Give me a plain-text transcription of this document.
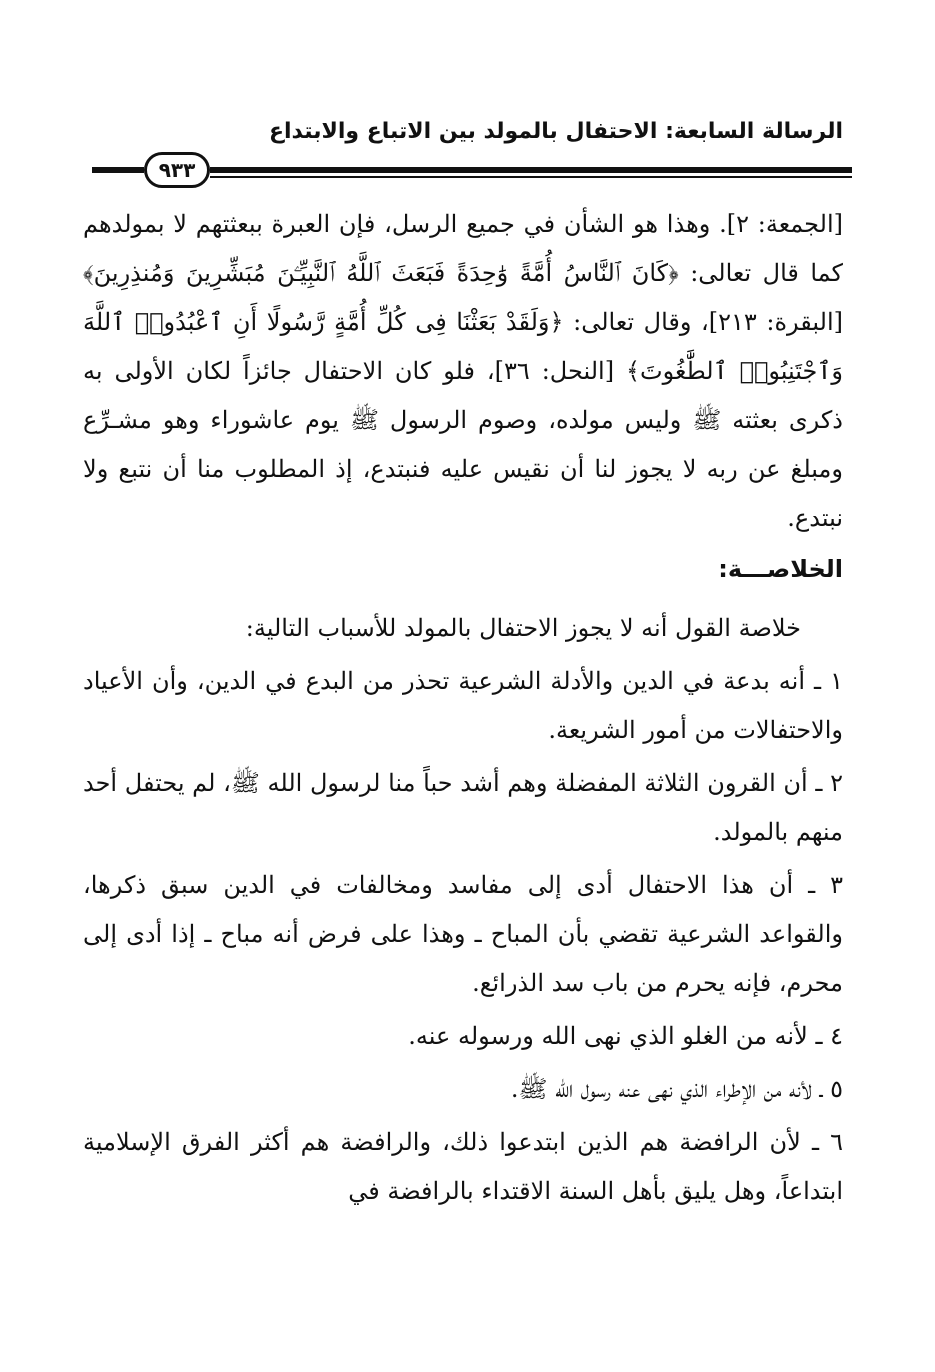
الرسالة السابعة: الاحتفال بالمولد بين الاتباع والابتداع
٩٣٣

[الجمعة: ٢]. وهذا هو الشأن في جميع الرسل، فإن العبرة ببعثتهم لا بمولدهم كما قال تعالى: ﴿كَانَ ٱلنَّاسُ أُمَّةً وَٰحِدَةً فَبَعَثَ ٱللَّهُ ٱلنَّبِيِّـۧنَ مُبَشِّرِينَ وَمُنذِرِينَ﴾ [البقرة: ٢١٣]، وقال تعالى: ﴿وَلَقَدْ بَعَثْنَا فِى كُلِّ أُمَّةٍ رَّسُولًا أَنِ ٱعْبُدُوا۟ ٱللَّهَ وَٱجْتَنِبُوا۟ ٱلطَّٰغُوتَ﴾ [النحل: ٣٦]، فلو كان الاحتفال جائزاً لكان الأولى به ذكرى بعثته ﷺ وليس مولده، وصوم الرسول ﷺ يوم عاشوراء وهو مشـرِّع ومبلغ عن ربه لا يجوز لنا أن نقيس عليه فنبتدع، إذ المطلوب منا أن نتبع ولا نبتدع.

الخلاصـــة:

خلاصة القول أنه لا يجوز الاحتفال بالمولد للأسباب التالية:

١ ـ أنه بدعة في الدين والأدلة الشرعية تحذر من البدع في الدين، وأن الأعياد والاحتفالات من أمور الشريعة.
٢ ـ أن القرون الثلاثة المفضلة وهم أشد حباً منا لرسول الله ﷺ، لم يحتفل أحد منهم بالمولد.
٣ ـ أن هذا الاحتفال أدى إلى مفاسد ومخالفات في الدين سبق ذكرها، والقواعد الشرعية تقضي بأن المباح ـ وهذا على فرض أنه مباح ـ إذا أدى إلى محرم، فإنه يحرم من باب سد الذرائع.
٤ ـ لأنه من الغلو الذي نهى الله ورسوله عنه.
٥ ـ لأنه من الإطراء الذي نهى عنه رسول الله ﷺ.
٦ ـ لأن الرافضة هم الذين ابتدعوا ذلك، والرافضة هم أكثر الفرق الإسلامية ابتداعاً، وهل يليق بأهل السنة الاقتداء بالرافضة في
